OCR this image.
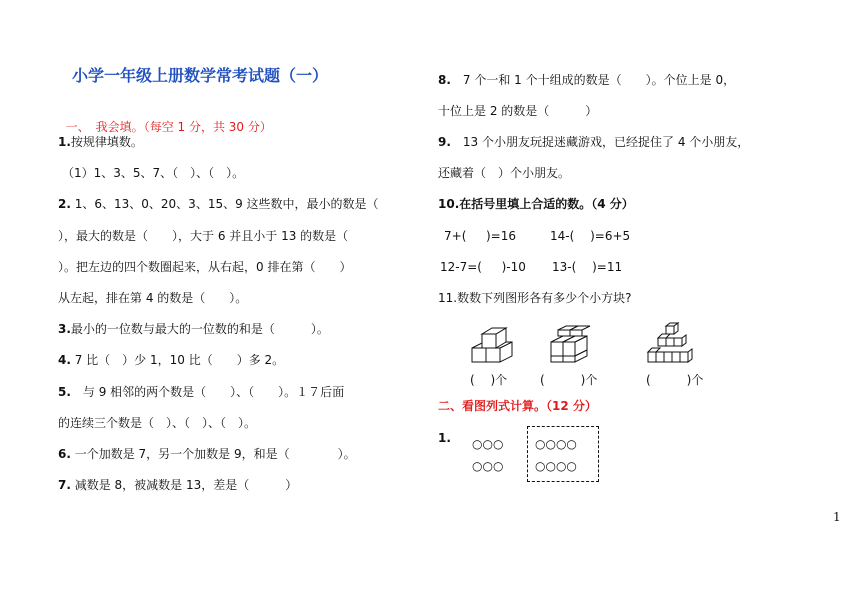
小学一年级上册数学常考试题（一）

一、　 我会填。（每空 1 分，共 30 分）

1.按规律填数。
（1）1、3、5、7、（　）、（　）。
2. 1、6、13、0、20、3、15、9 这些数中，最小的数是（
），最大的数是（　　），大于 6 并且小于 13 的数是（
）。把左边的四个数圈起来，从右起，0 排在第（　　）
从左起，排在第 4 的数是（　　）。
3.最小的一位数与最大的一位数的和是（　　　）。
4. 7 比（　）少 1，10 比（　　）多 2。
5.　与 9 相邻的两个数是（　　）、（　　）。１７后面
的连续三个数是（　）、（　）、（　）。
6. 一个加数是 7，另一个加数是 9，和是（　　　　）。
7. 减数是 8，被减数是 13，差是（　　　）
8.　7 个一和 1 个十组成的数是（　　）。个位上是 0，
十位上是 2 的数是（　　　）
9.　13 个小朋友玩捉迷藏游戏，已经捉住了 4 个小朋友，
还藏着（　）个小朋友。
10.在括号里填上合适的数。（4 分）
7+(　  )=16	14-(　 )=6+5
12-7=(　  )-10 13-(　 )=11
11.数数下列图形各有多少个小方块?
(　 )个	(　　　)个	(　　　)个
二、看图列式计算。（12 分）
1. ○○○
○○○
○○○○
○○○○
1
